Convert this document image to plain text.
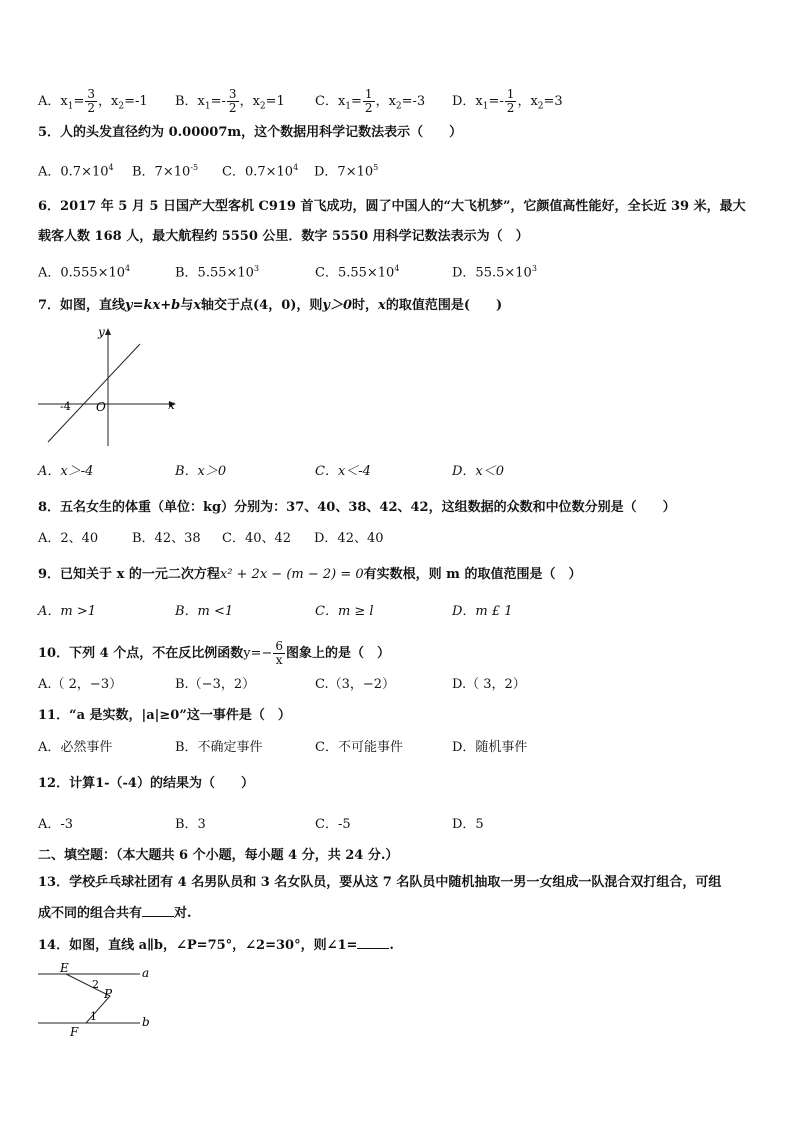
A．$x_1= \frac{3}{2}$ ，$x_2=-1$ B．$x_1=- \frac{3}{2}$ ，$x_2=1$ C．$x_1= \frac{1}{2}$ ，$x_2=-3$ D．$x_1=- \frac{1}{2}$ ，$x_2=3$
5．人的头发直径约为 0.00007m，这个数据用科学记数法表示（　　）
A．$0.7\times 10^4$ B．$7\times 10^{-5}$ C．$0.7\times 10^4$ D．$7\times 10^5$
6．2017 年 5 月 5 日国产大型客机 C919 首飞成功，圆了中国人的“大飞机梦”，它颜值高性能好，全长近 39 米，最大
载客人数 168 人，最大航程约 5550 公里．数字 5550 用科学记数法表示为（　）
A．$0.555\times 10^4$	B．$5.55\times 10^3$	C．$5.55\times 10^4$	D．$55.5\times 10^3$
7．如图，直线y=kx+b与x轴交于点(4，0)，则y＞0时，x的取值范围是(　　)
y
x
O
-4
A．x＞-4	B．x＞0	C．x＜-4	D．x＜0
8．五名女生的体重（单位：kg）分别为：37、40、38、42、42，这组数据的众数和中位数分别是（　　）
A．2、40	B．42、38 C．40、42 D．42、40
9．已知关于 x 的一元二次方程x² + 2x − (m − 2) = 0有实数根，则 m 的取值范围是（　）
A．m >1	B．m <1	C．m ≥ l	D．m £ 1
10．下列 4 个点，不在反比例函数$y=- \frac{6}{x}$ 图象上的是（　）
A.（ 2，−3）	B.（−3，2）	C.（3，−2）	D.（ 3，2）
11．“a 是实数，|a|≥0”这一事件是（　）
A．必然事件	B．不确定事件	C．不可能事件	D．随机事件
12．计算1-（-4）的结果为（　　）
A．-3	B．3	C．-5	D．5
二、填空题：（本大题共 6 个小题，每小题 4 分，共 24 分.）
13．学校乒乓球社团有 4 名男队员和 3 名女队员，要从这 7 名队员中随机抽取一男一女组成一队混合双打组合，可组
成不同的组合共有 对.
14．如图，直线 a∥b，∠P=75°，∠2=30°，则∠1= .
E
F
P
a
b
2
1
